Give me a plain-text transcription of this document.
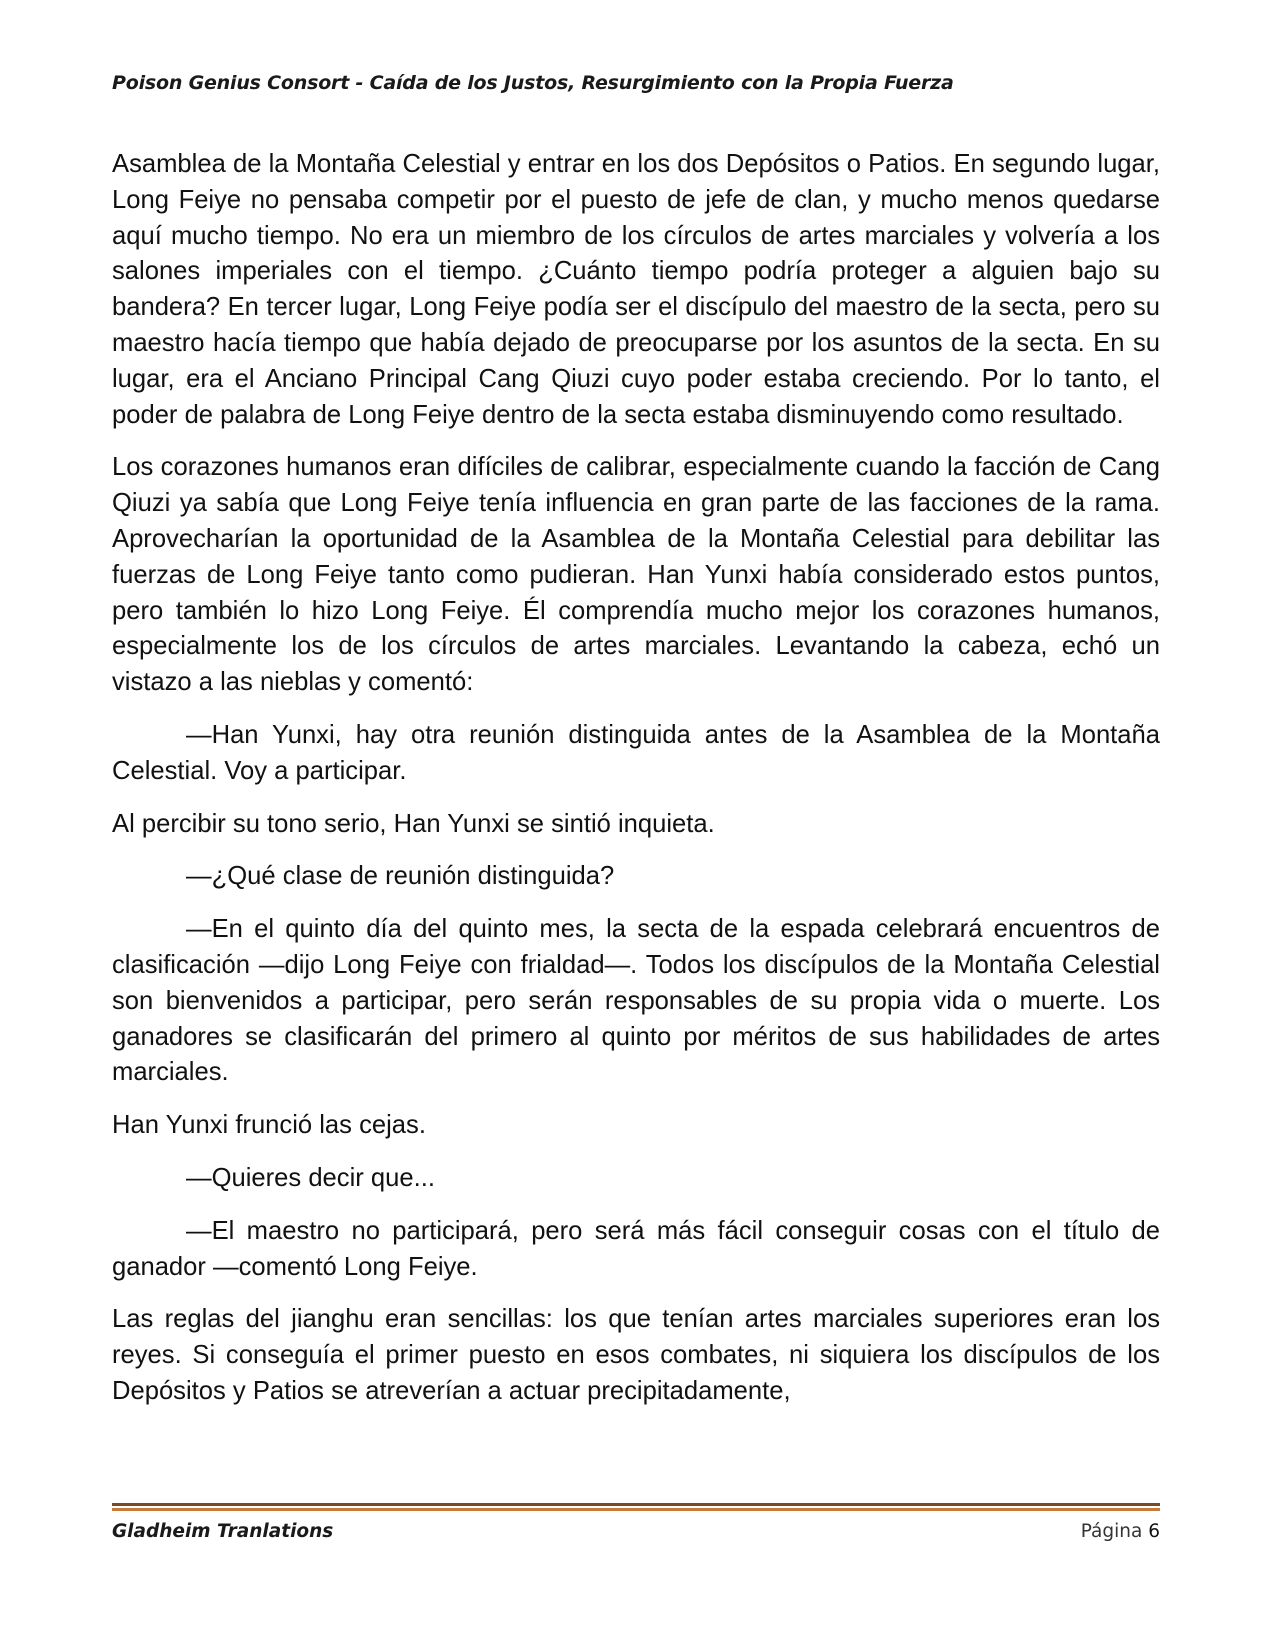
Poison Genius Consort - Caída de los Justos, Resurgimiento con la Propia Fuerza

Asamblea de la Montaña Celestial y entrar en los dos Depósitos o Patios. En segundo lugar, Long Feiye no pensaba competir por el puesto de jefe de clan, y mucho menos quedarse aquí mucho tiempo. No era un miembro de los círculos de artes marciales y volvería a los salones imperiales con el tiempo. ¿Cuánto tiempo podría proteger a alguien bajo su bandera? En tercer lugar, Long Feiye podía ser el discípulo del maestro de la secta, pero su maestro hacía tiempo que había dejado de preocuparse por los asuntos de la secta. En su lugar, era el Anciano Principal Cang Qiuzi cuyo poder estaba creciendo. Por lo tanto, el poder de palabra de Long Feiye dentro de la secta estaba disminuyendo como resultado.

Los corazones humanos eran difíciles de calibrar, especialmente cuando la facción de Cang Qiuzi ya sabía que Long Feiye tenía influencia en gran parte de las facciones de la rama. Aprovecharían la oportunidad de la Asamblea de la Montaña Celestial para debilitar las fuerzas de Long Feiye tanto como pudieran. Han Yunxi había considerado estos puntos, pero también lo hizo Long Feiye. Él comprendía mucho mejor los corazones humanos, especialmente los de los círculos de artes marciales. Levantando la cabeza, echó un vistazo a las nieblas y comentó:

—Han Yunxi, hay otra reunión distinguida antes de la Asamblea de la Montaña Celestial. Voy a participar.

Al percibir su tono serio, Han Yunxi se sintió inquieta.

—¿Qué clase de reunión distinguida?

—En el quinto día del quinto mes, la secta de la espada celebrará encuentros de clasificación —dijo Long Feiye con frialdad—. Todos los discípulos de la Montaña Celestial son bienvenidos a participar, pero serán responsables de su propia vida o muerte. Los ganadores se clasificarán del primero al quinto por méritos de sus habilidades de artes marciales.

Han Yunxi frunció las cejas.

—Quieres decir que...

—El maestro no participará, pero será más fácil conseguir cosas con el título de ganador —comentó Long Feiye.

Las reglas del jianghu eran sencillas: los que tenían artes marciales superiores eran los reyes. Si conseguía el primer puesto en esos combates, ni siquiera los discípulos de los Depósitos y Patios se atreverían a actuar precipitadamente,

Gladheim Tranlations	Página 6
